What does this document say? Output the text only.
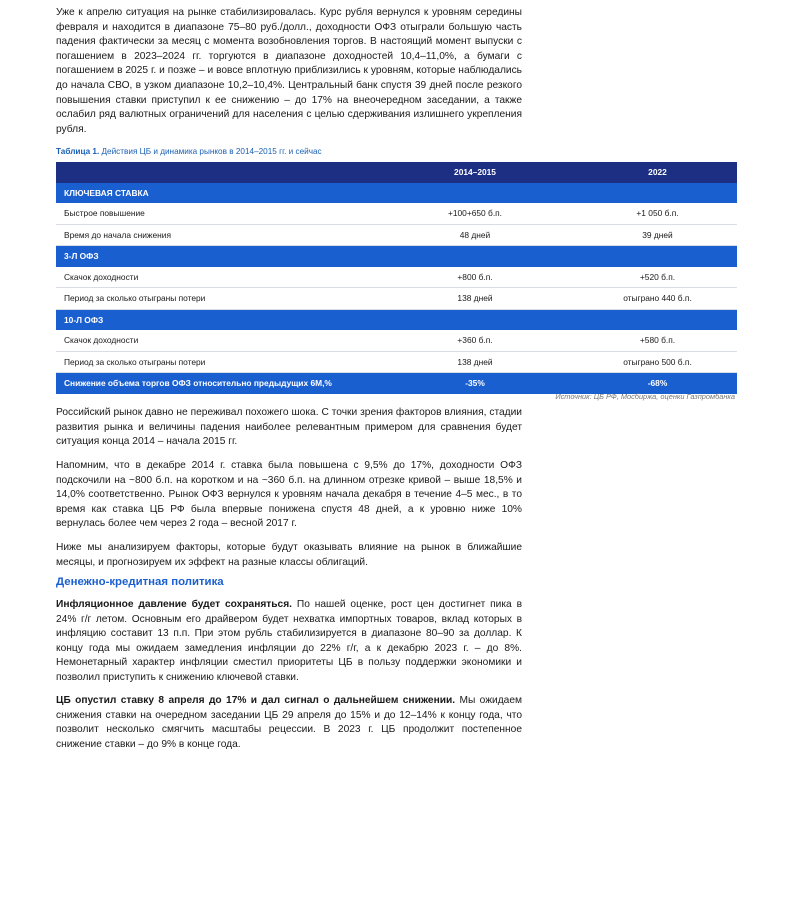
Уже к апрелю ситуация на рынке стабилизировалась. Курс рубля вернулся к уровням середины февраля и находится в диапазоне 75–80 руб./долл., доходности ОФЗ отыграли большую часть падения фактически за месяц с момента возобновления торгов. В настоящий момент выпуски с погашением в 2023–2024 гг. торгуются в диапазоне доходностей 10,4–11,0%, а бумаги с погашением в 2025 г. и позже – и вовсе вплотную приблизились к уровням, которые наблюдались до начала СВО, в узком диапазоне 10,2–10,4%. Центральный банк спустя 39 дней после резкого повышения ставки приступил к ее снижению – до 17% на внеочередном заседании, а также ослабил ряд валютных ограничений для населения с целью сдерживания излишнего укрепления рубля.

Таблица 1. Действия ЦБ и динамика рынков в 2014–2015 гг. и сейчас
	2014–2015	2022
КЛЮЧЕВАЯ СТАВКА		
Быстрое повышение	+100+650 б.п.	+1 050 б.п.
Время до начала снижения	48 дней	39 дней
3-Л ОФЗ		
Скачок доходности	+800 б.п.	+520 б.п.
Период за сколько отыграны потери	138 дней	отыграно 440 б.п.
10-Л ОФЗ		
Скачок доходности	+360 б.п.	+580 б.п.
Период за сколько отыграны потери	138 дней	отыграно 500 б.п.
Снижение объема торгов ОФЗ относительно предыдущих 6М,%	-35%	-68%
Источник: ЦБ РФ, Мосбиржа, оценки Газпромбанка

Российский рынок давно не переживал похожего шока. С точки зрения факторов влияния, стадии развития рынка и величины падения наиболее релевантным примером для сравнения будет ситуация конца 2014 – начала 2015 гг.

Напомним, что в декабре 2014 г. ставка была повышена с 9,5% до 17%, доходности ОФЗ подскочили на ~800 б.п. на коротком и на ~360 б.п. на длинном отрезке кривой – выше 18,5% и 14,0% соответственно. Рынок ОФЗ вернулся к уровням начала декабря в течение 4–5 мес., в то время как ставка ЦБ РФ была впервые понижена спустя 48 дней, а к уровню ниже 10% вернулась более чем через 2 года – весной 2017 г.

Ниже мы анализируем факторы, которые будут оказывать влияние на рынок в ближайшие месяцы, и прогнозируем их эффект на разные классы облигаций.

Денежно-кредитная политика

Инфляционное давление будет сохраняться. По нашей оценке, рост цен достигнет пика в 24% г/г летом. Основным его драйвером будет нехватка импортных товаров, вклад которых в инфляцию составит 13 п.п. При этом рубль стабилизируется в диапазоне 80–90 за доллар. К концу года мы ожидаем замедления инфляции до 22% г/г, а к декабрю 2023 г. – до 8%. Немонетарный характер инфляции сместил приоритеты ЦБ в пользу поддержки экономики и позволил приступить к снижению ключевой ставки.

ЦБ опустил ставку 8 апреля до 17% и дал сигнал о дальнейшем снижении. Мы ожидаем снижения ставки на очередном заседании ЦБ 29 апреля до 15% и до 12–14% к концу года, что позволит несколько смягчить масштабы рецессии. В 2023 г. ЦБ продолжит постепенное снижение ставки – до 9% в конце года.
